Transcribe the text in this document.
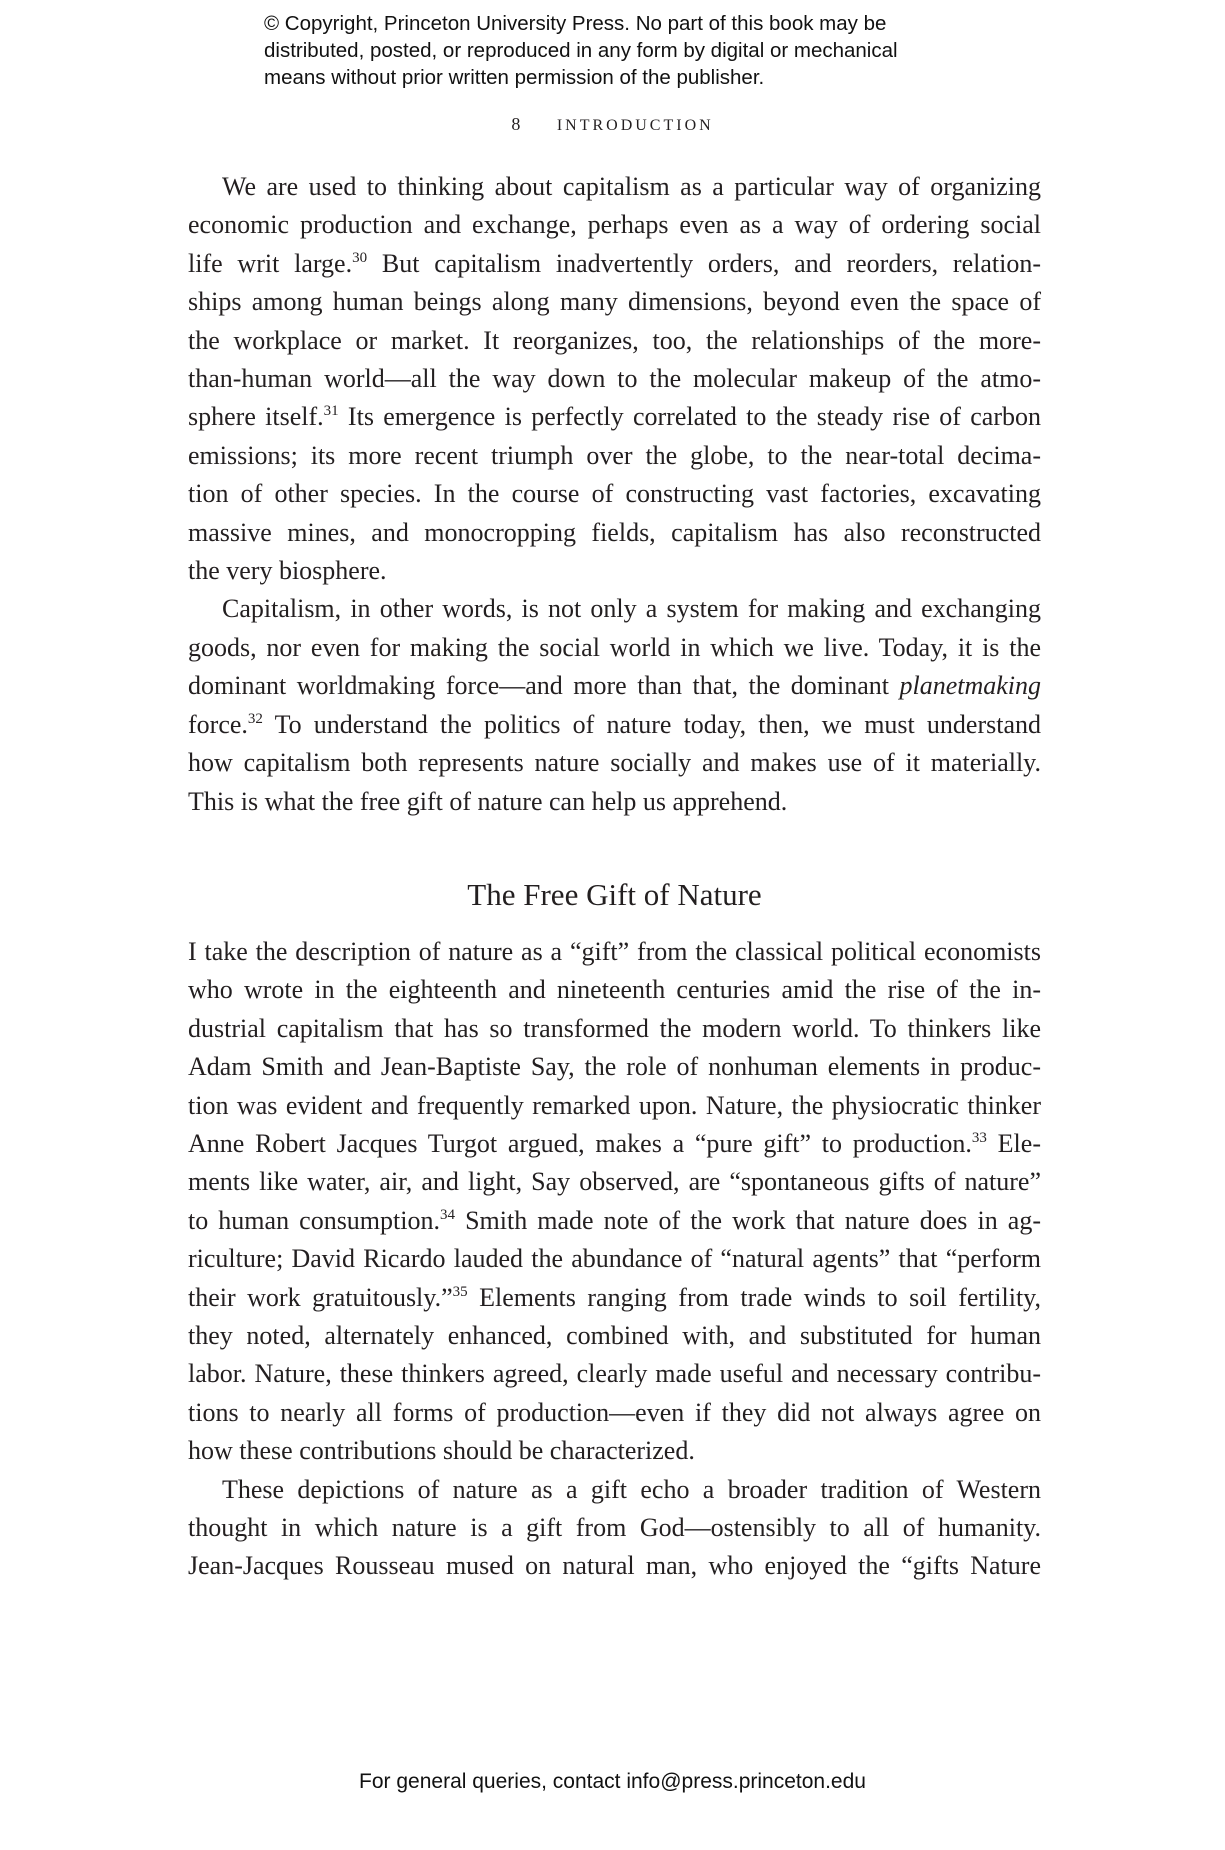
© Copyright, Princeton University Press. No part of this book may be
distributed, posted, or reproduced in any form by digital or mechanical
means without prior written permission of the publisher.
8 INTRODUCTION

We are used to thinking about capitalism as a particular way of organizing
economic production and exchange, perhaps even as a way of ordering social
life writ large.$^{30}$ But capitalism inadvertently orders, and reorders, relation-
ships among human beings along many dimensions, beyond even the space of
the workplace or market. It reorganizes, too, the relationships of the more-
than-human world—all the way down to the molecular makeup of the atmo-
sphere itself.$^{31}$ Its emergence is perfectly correlated to the steady rise of carbon
emissions; its more recent triumph over the globe, to the near-total decima-
tion of other species. In the course of constructing vast factories, excavating
massive mines, and monocropping fields, capitalism has also reconstructed
the very biosphere.

Capitalism, in other words, is not only a system for making and exchanging
goods, nor even for making the social world in which we live. Today, it is the
dominant worldmaking force—and more than that, the dominant planetmaking
force.$^{32}$ To understand the politics of nature today, then, we must understand
how capitalism both represents nature socially and makes use of it materially.
This is what the free gift of nature can help us apprehend.

The Free Gift of Nature

I take the description of nature as a “gift” from the classical political economists
who wrote in the eighteenth and nineteenth centuries amid the rise of the in-
dustrial capitalism that has so transformed the modern world. To thinkers like
Adam Smith and Jean-Baptiste Say, the role of nonhuman elements in produc-
tion was evident and frequently remarked upon. Nature, the physiocratic thinker
Anne Robert Jacques Turgot argued, makes a “pure gift” to production.$^{33}$ Ele-
ments like water, air, and light, Say observed, are “spontaneous gifts of nature”
to human consumption.$^{34}$ Smith made note of the work that nature does in ag-
riculture; David Ricardo lauded the abundance of “natural agents” that “perform
their work gratuitously.”$^{35}$ Elements ranging from trade winds to soil fertility,
they noted, alternately enhanced, combined with, and substituted for human
labor. Nature, these thinkers agreed, clearly made useful and necessary contribu-
tions to nearly all forms of production—even if they did not always agree on
how these contributions should be characterized.

These depictions of nature as a gift echo a broader tradition of Western
thought in which nature is a gift from God—ostensibly to all of humanity.
Jean-Jacques Rousseau mused on natural man, who enjoyed the “gifts Nature

For general queries, contact info@press.princeton.edu
